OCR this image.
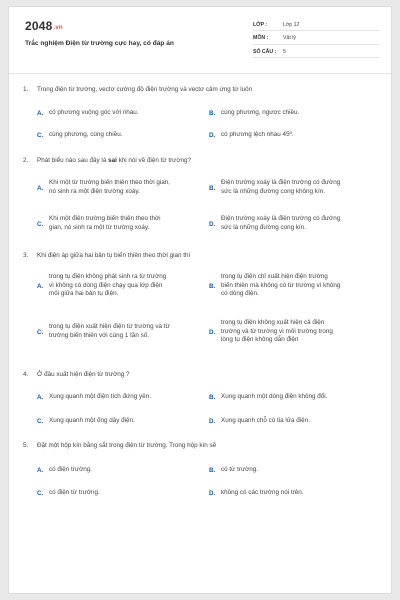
2048.vn
Trắc nghiệm Điện từ trường cực hay, có đáp án
LỚP :	Lớp 12
MÔN :	Vật lý
SỐ CÂU :	5
1.	Trong điện từ trường, vectơ cường độ điện trường và vectơ cảm ứng từ luôn
A. có phương vuông góc với nhau.	B. cùng phương, ngược chiều.
C. cùng phương, cùng chiều.	D. có phương lệch nhau 45º.
2.	Phát biểu nào sau đây là sai khi nói về điện từ trường?
A.
Khi một từ trường biến thiên theo thời gian,
nó sinh ra một điện trường xoáy.	B.
Điện trường xoáy là điện trường có đường
sức là những đường cong không kín.
C.
Khi một điện trường biến thiên theo thời
gian, nó sinh ra một từ trường xoáy.	D.
Điện trường xoáy là điện trường có đường
sức là những đường cong kín.
3.	Khi điện áp giữa hai bản tụ biến thiên theo thời gian thì
A.
trong tụ điện không phát sinh ra từ trường
vì không có dòng điện chạy qua lớp điện
môi giữa hai bản tụ điện.
B.
trong tụ điện chỉ xuất hiện điện trường
biến thiên mà không có từ trường vì không
có dòng điện.
C.
trong tụ điện xuất hiện điện từ trường và từ
trường biến thiên với cùng 1 tần số.	D.
trong tụ điện không xuất hiện cả điện
trường và từ trường vì môi trường trong
lòng tụ điện không dẫn điện
4.	Ở đâu xuất hiện điện từ trường ?
A. Xung quanh một điện tích đứng yên.	B. Xung quanh một dòng điện không đổi.
C. Xung quanh một ống dây điện.	D. Xung quanh chỗ có tia lửa điện.
5.	Đặt một hộp kín bằng sắt trong điện từ trường. Trong hộp kín sẽ
A. có điện trường.	B. có từ trường.
C. có điện từ trường.	D. không có các trường nói trên.
